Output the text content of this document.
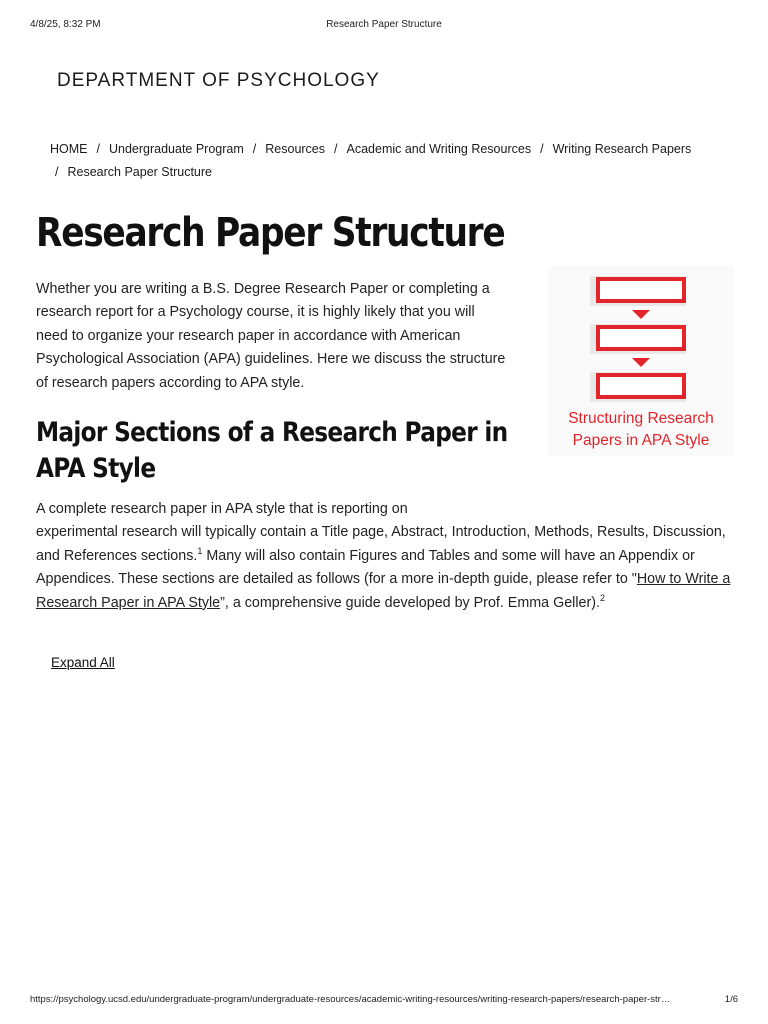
4/8/25, 8:32 PM	Research Paper Structure
DEPARTMENT OF PSYCHOLOGY
HOME / Undergraduate Program / Resources / Academic and Writing Resources / Writing Research Papers
/ Research Paper Structure
Research Paper Structure

Whether you are writing a B.S. Degree Research Paper or completing a research report for a Psychology course, it is highly likely that you will need to organize your research paper in accordance with American Psychological Association (APA) guidelines. Here we discuss the structure of research papers according to APA style.

Structuring Research
Papers in APA Style
Major Sections of a Research Paper in APA Style

A complete research paper in APA style that is reporting on
experimental research will typically contain a Title page, Abstract, Introduction, Methods, Results, Discussion, and References sections.$^1$ Many will also contain Figures and Tables and some will have an Appendix or Appendices. These sections are detailed as follows (for a more in-depth guide, please refer to "How to Write a Research Paper in APA Style”, a comprehensive guide developed by Prof. Emma Geller).$^2$

Expand All
https://psychology.ucsd.edu/undergraduate-program/undergraduate-resources/academic-writing-resources/writing-research-papers/research-paper-str…	1/6
